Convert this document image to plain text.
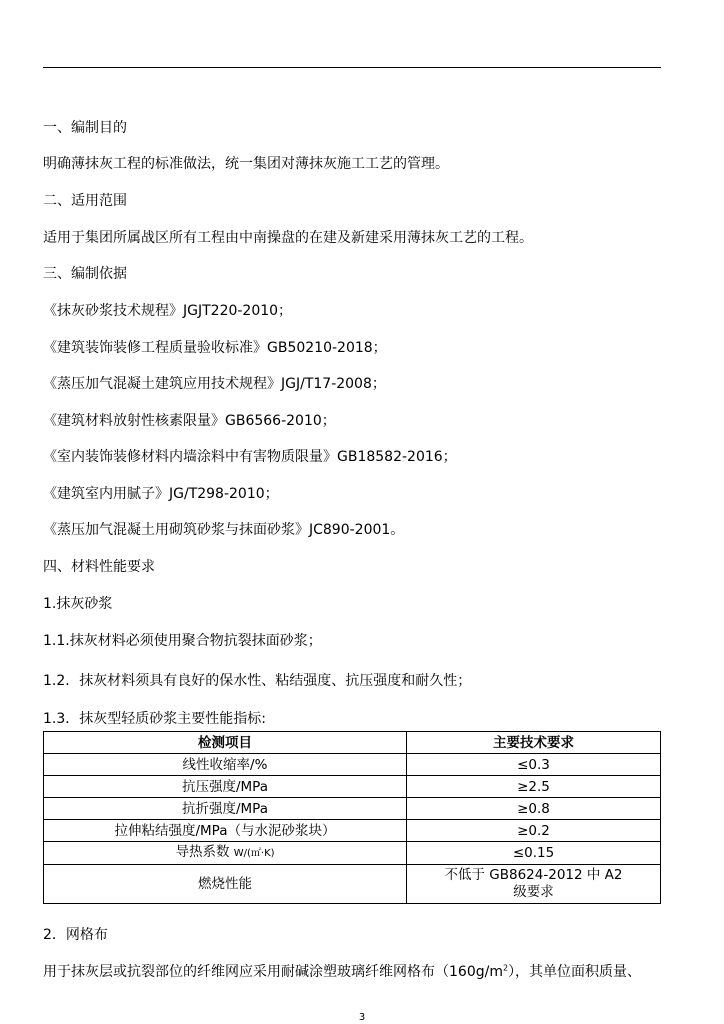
一、编制目的
明确薄抹灰工程的标准做法，统一集团对薄抹灰施工工艺的管理。
二、适用范围
适用于集团所属战区所有工程由中南操盘的在建及新建采用薄抹灰工艺的工程。
三、编制依据
《抹灰砂浆技术规程》JGJT220-2010；
《建筑装饰装修工程质量验收标准》GB50210-2018；
《蒸压加气混凝土建筑应用技术规程》JGJ/T17-2008；
《建筑材料放射性核素限量》GB6566-2010；
《室内装饰装修材料内墙涂料中有害物质限量》GB18582-2016；
《建筑室内用腻子》JG/T298-2010；
《蒸压加气混凝土用砌筑砂浆与抹面砂浆》JC890-2001。
四、材料性能要求
1.抹灰砂浆
1.1.抹灰材料必须使用聚合物抗裂抹面砂浆；
1.2．抹灰材料须具有良好的保水性、粘结强度、抗压强度和耐久性；
1.3．抹灰型轻质砂浆主要性能指标:
检测项目	主要技术要求
线性收缩率/%	≤0.3
抗压强度/MPa	≥2.5
抗折强度/MPa	≥0.8
拉伸粘结强度/MPa（与水泥砂浆块）	≥0.2
导热系数 W/(㎡·K)	≤0.15
燃烧性能	不低于 GB8624-2012 中 A2
级要求
2．网格布
用于抹灰层或抗裂部位的纤维网应采用耐碱涂塑玻璃纤维网格布$(160g/m^2)$，其单位面积质量、
3
